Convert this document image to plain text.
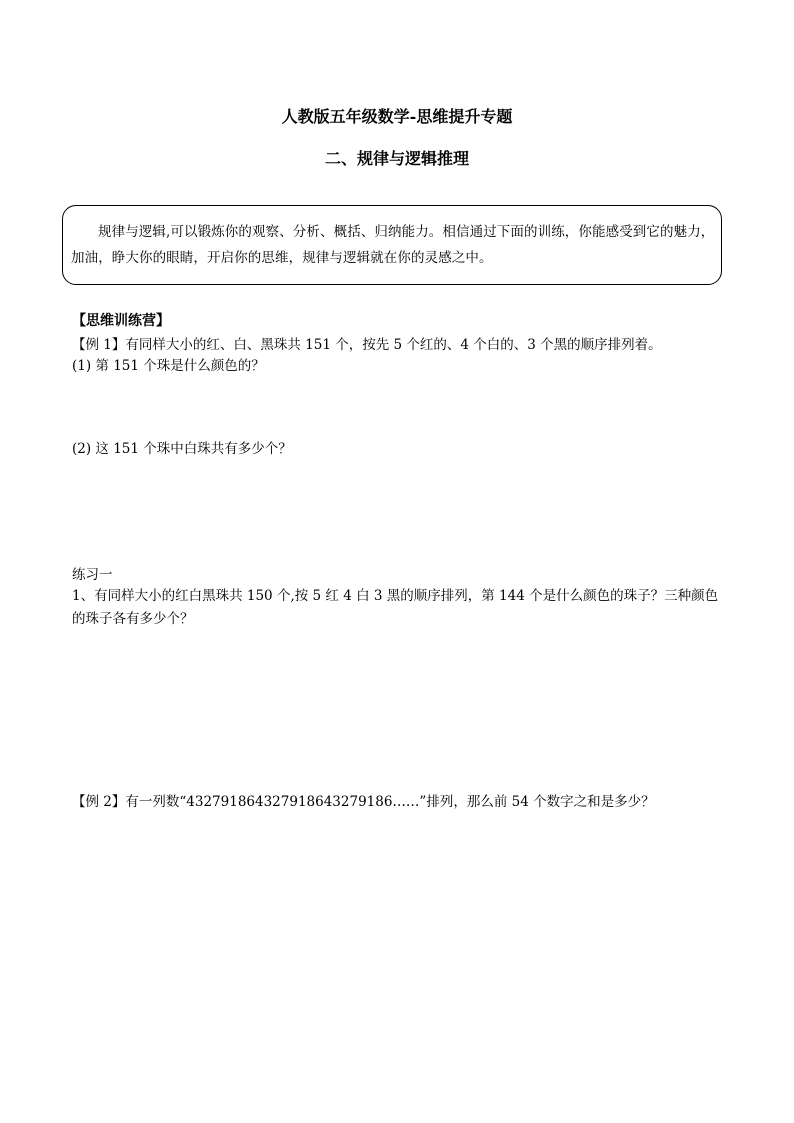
人教版五年级数学-思维提升专题
二、规律与逻辑推理
规律与逻辑,可以锻炼你的观察、分析、概括、归纳能力。相信通过下面的训练，你能感受到它的魅力，加油，睁大你的眼睛，开启你的思维，规律与逻辑就在你的灵感之中。
【思维训练营】
【例 1】有同样大小的红、白、黑珠共 151 个，按先 5 个红的、4 个白的、3 个黑的顺序排列着。
(1) 第 151 个珠是什么颜色的？
(2) 这 151 个珠中白珠共有多少个？
练习一
1、有同样大小的红白黑珠共 150 个,按 5 红 4 白 3 黑的顺序排列，第 144 个是什么颜色的珠子？三种颜色的珠子各有多少个？
【例 2】有一列数“432791864327918643279186……”排列，那么前 54 个数字之和是多少？
